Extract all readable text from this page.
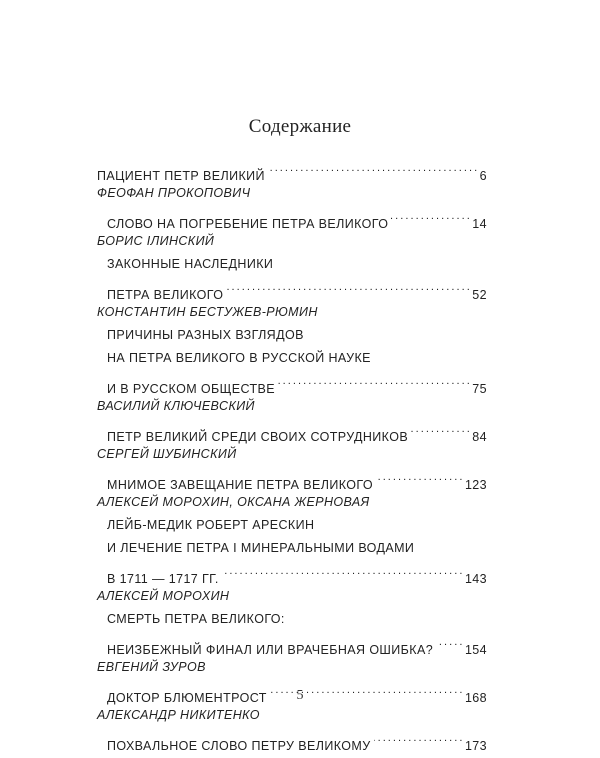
Содержание
ПАЦИЕНТ ПЕТР ВЕЛИКИЙ . . .	6
ФЕОФАН ПРОКОПОВИЧ
СЛОВО НА ПОГРЕБЕНИЕ ПЕТРА ВЕЛИКОГО . . .	14
БОРИС ІЛИНСКИЙ
ЗАКОННЫЕ НАСЛЕДНИКИ
ПЕТРА ВЕЛИКОГО . . .	52
КОНСТАНТИН БЕСТУЖЕВ-РЮМИН
ПРИЧИНЫ РАЗНЫХ ВЗГЛЯДОВ
НА ПЕТРА ВЕЛИКОГО В РУССКОЙ НАУКЕ
И В РУССКОМ ОБЩЕСТВЕ . . .	75
ВАСИЛИЙ КЛЮЧЕВСКИЙ
ПЕТР ВЕЛИКИЙ СРЕДИ СВОИХ СОТРУДНИКОВ . . .	84
СЕРГЕЙ ШУБИНСКИЙ
МНИМОЕ ЗАВЕЩАНИЕ ПЕТРА ВЕЛИКОГО . . .	123
АЛЕКСЕЙ МОРОХИН, ОКСАНА ЖЕРНОВАЯ
ЛЕЙБ-МЕДИК РОБЕРТ АРЕСКИН
И ЛЕЧЕНИЕ ПЕТРА І МИНЕРАЛЬНЫМИ ВОДАМИ
В 1711 — 1717 ГГ. . . .	143
АЛЕКСЕЙ МОРОХИН
СМЕРТЬ ПЕТРА ВЕЛИКОГО:
НЕИЗБЕЖНЫЙ ФИНАЛ ИЛИ ВРАЧЕБНАЯ ОШИБКА? . . .	154
ЕВГЕНИЙ ЗУРОВ
ДОКТОР БЛЮМЕНТРОСТ . . .	168
АЛЕКСАНДР НИКИТЕНКО
ПОХВАЛЬНОЕ СЛОВО ПЕТРУ ВЕЛИКОМУ . . .	173
5
